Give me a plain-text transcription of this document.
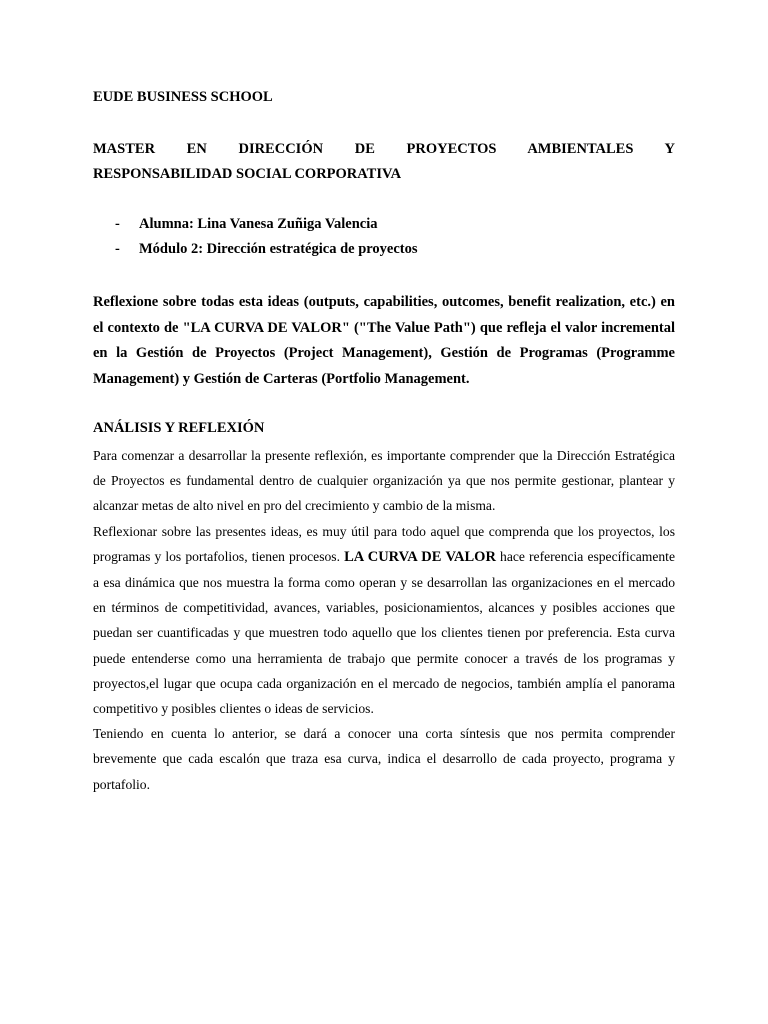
EUDE BUSINESS SCHOOL
MASTER EN DIRECCIÓN DE PROYECTOS AMBIENTALES Y
RESPONSABILIDAD SOCIAL CORPORATIVA
- Alumna: Lina Vanesa Zuñiga Valencia
- Módulo 2: Dirección estratégica de proyectos
Reflexione sobre todas esta ideas (outputs, capabilities, outcomes, benefit realization, etc.) en el contexto de "LA CURVA DE VALOR" ("The Value Path") que refleja el valor incremental en la Gestión de Proyectos (Project Management), Gestión de Programas (Programme Management) y Gestión de Carteras (Portfolio Management.
ANÁLISIS Y REFLEXIÓN

Para comenzar a desarrollar la presente reflexión, es importante comprender que la Dirección Estratégica de Proyectos es fundamental dentro de cualquier organización ya que nos permite gestionar, plantear y alcanzar metas de alto nivel en pro del crecimiento y cambio de la misma.

Reflexionar sobre las presentes ideas, es muy útil para todo aquel que comprenda que los proyectos, los programas y los portafolios, tienen procesos. LA CURVA DE VALOR hace referencia específicamente a esa dinámica que nos muestra la forma como operan y se desarrollan las organizaciones en el mercado en términos de competitividad, avances, variables, posicionamientos, alcances y posibles acciones que puedan ser cuantificadas y que muestren todo aquello que los clientes tienen por preferencia. Esta curva puede entenderse como una herramienta de trabajo que permite conocer a través de los programas y proyectos,el lugar que ocupa cada organización en el mercado de negocios, también amplía el panorama competitivo y posibles clientes o ideas de servicios.

Teniendo en cuenta lo anterior, se dará a conocer una corta síntesis que nos permita comprender brevemente que cada escalón que traza esa curva, indica el desarrollo de cada proyecto, programa y portafolio.
